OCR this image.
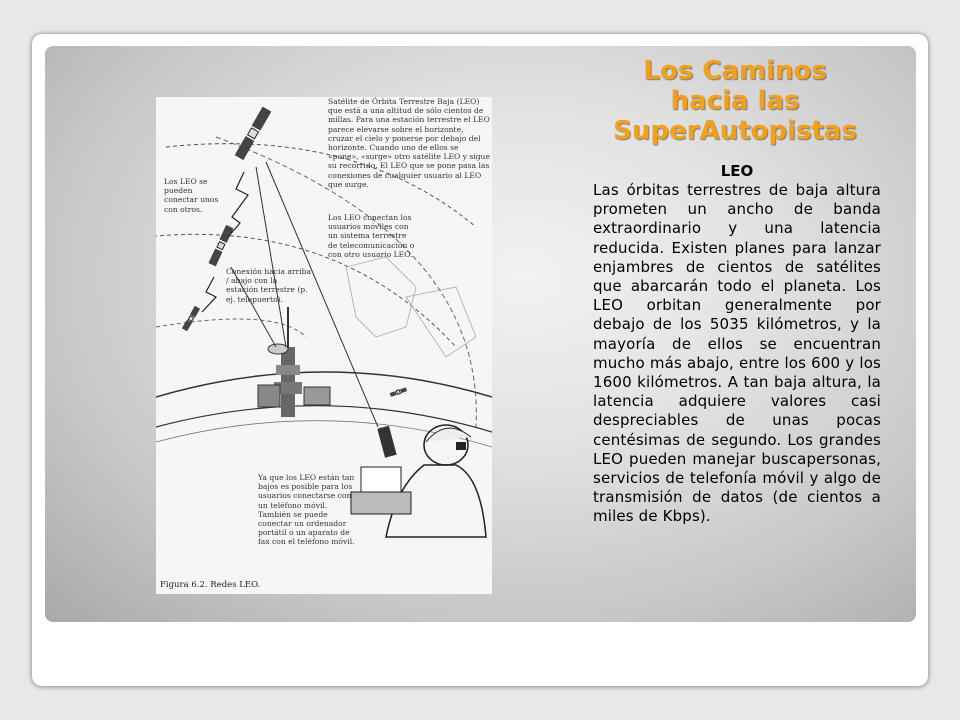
Satélite de Órbita Terrestre Baja (LEO) que está a una altitud de sólo cientos de millas. Para una estación terrestre el LEO parece elevarse sobre el horizonte, cruzar el cielo y ponerse por debajo del horizonte. Cuando uno de ellos se «pone», «surge» otro satélite LEO y sigue su recorrido. El LEO que se pone pasa las conexiones de cualquier usuario al LEO que surge.
Los LEO se pueden conectar unos con otros.
Los LEO conectan los usuarios móviles con un sistema terrestre de telecomunicación o con otro usuario LEO.
Conexión hacia arriba / abajo con la estación terrestre (p. ej. telepuerto).
Ya que los LEO están tan bajos es posible para los usuarios conectarse con un teléfono móvil. También se puede conectar un ordenador portátil o un aparato de fax con el teléfono móvil.
Figura 6.2. Redes LEO.
Los Caminos
hacia las
SuperAutopistas
LEO
Las órbitas terrestres de baja altura prometen un ancho de banda extraordinario y una latencia reducida. Existen planes para lanzar enjambres de cientos de satélites que abarcarán todo el planeta. Los LEO orbitan generalmente por debajo de los 5035 kilómetros, y la mayoría de ellos se encuentran mucho más abajo, entre los 600 y los 1600 kilómetros. A tan baja altura, la latencia adquiere valores casi despreciables de unas pocas centésimas de segundo. Los grandes LEO pueden manejar buscapersonas, servicios de telefonía móvil y algo de transmisión de datos (de cientos a miles de Kbps).
